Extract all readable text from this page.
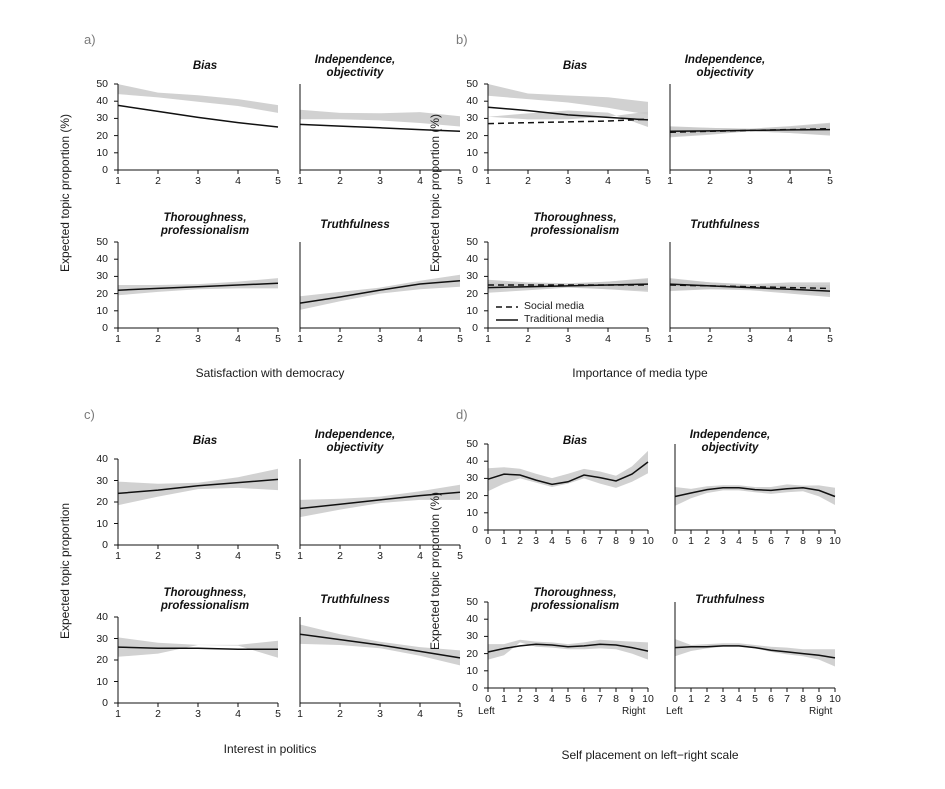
a)
Expected topic proportion (%)
Satisfaction with democracy
Bias	Independence,
objectivity
Thoroughness,
professionalism	Truthfulness
50
40
30
20
10
0
50
40
30
20
10
0
1	2	3	4	5	1	2	3	4	5
1	2	3	4	5	1	2	3	4	5
b)
Expected topic proportion (%)
Importance of media type
Bias	Independence,
objectivity
Thoroughness,
professionalism	Truthfulness
Social media
Traditional media
50
40
30
20
10
0
50
40
30
20
10
0
1	2	3	4	5	1	2	3	4	5
1	2	3	4	5	1	2	3	4	5
c)
Expected topic proportion
Interest in politics
Bias	Independence,
objectivity
Thoroughness,
professionalism	Truthfulness
40
30
20
10
0
40
30
20
10
0
1	2	3	4	5	1	2	3	4	5
1	2	3	4	5	1	2	3	4	5
d)
Expected topic proportion (%)
Self placement on left−right scale
Bias	Independence,
objectivity
Thoroughness,
professionalism	Truthfulness
50
40
30
20
10
0
50
40
30
20
10
0
0 1 2 3 4 5 6 7 8 9 10	0 1 2 3 4 5 6 7 8 9 10
0 1 2 3 4 5 6 7 8 9 10	0 1 2 3 4 5 6 7 8 9 10
Left	Right Left	Right
